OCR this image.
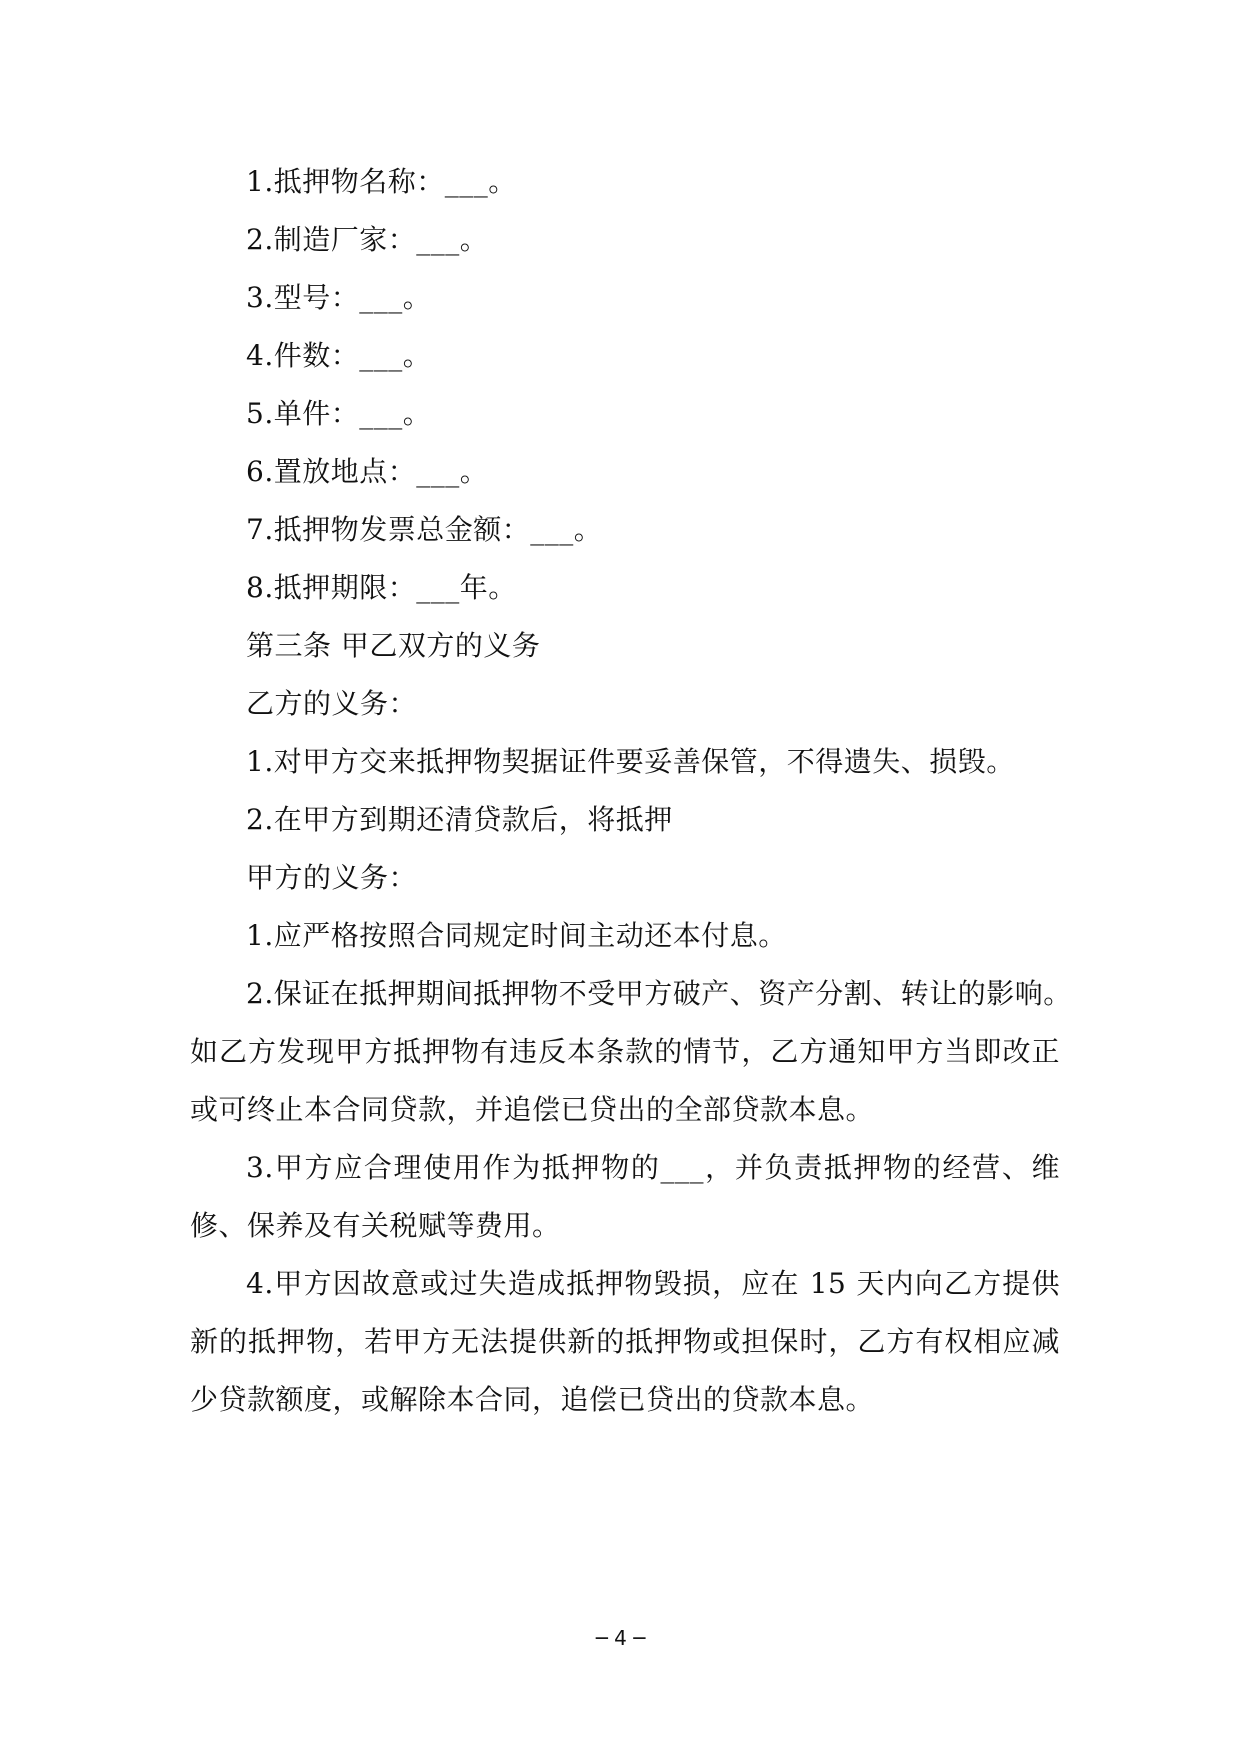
1.抵押物名称：___。
2.制造厂家：___。
3.型号：___。
4.件数：___。
5.单件：___。
6.置放地点：___。
7.抵押物发票总金额：___。
8.抵押期限：___年。
第三条 甲乙双方的义务
乙方的义务：
1.对甲方交来抵押物契据证件要妥善保管，不得遗失、损毁。
2.在甲方到期还清贷款后，将抵押
甲方的义务：
1.应严格按照合同规定时间主动还本付息。
2.保证在抵押期间抵押物不受甲方破产、资产分割、转让的影响。
如乙方发现甲方抵押物有违反本条款的情节，乙方通知甲方当即改正
或可终止本合同贷款，并追偿已贷出的全部贷款本息。
3.甲方应合理使用作为抵押物的___，并负责抵押物的经营、维
修、保养及有关税赋等费用。
4.甲方因故意或过失造成抵押物毁损，应在 15 天内向乙方提供
新的抵押物，若甲方无法提供新的抵押物或担保时，乙方有权相应减
少贷款额度，或解除本合同，追偿已贷出的贷款本息。
─ 4 ─
